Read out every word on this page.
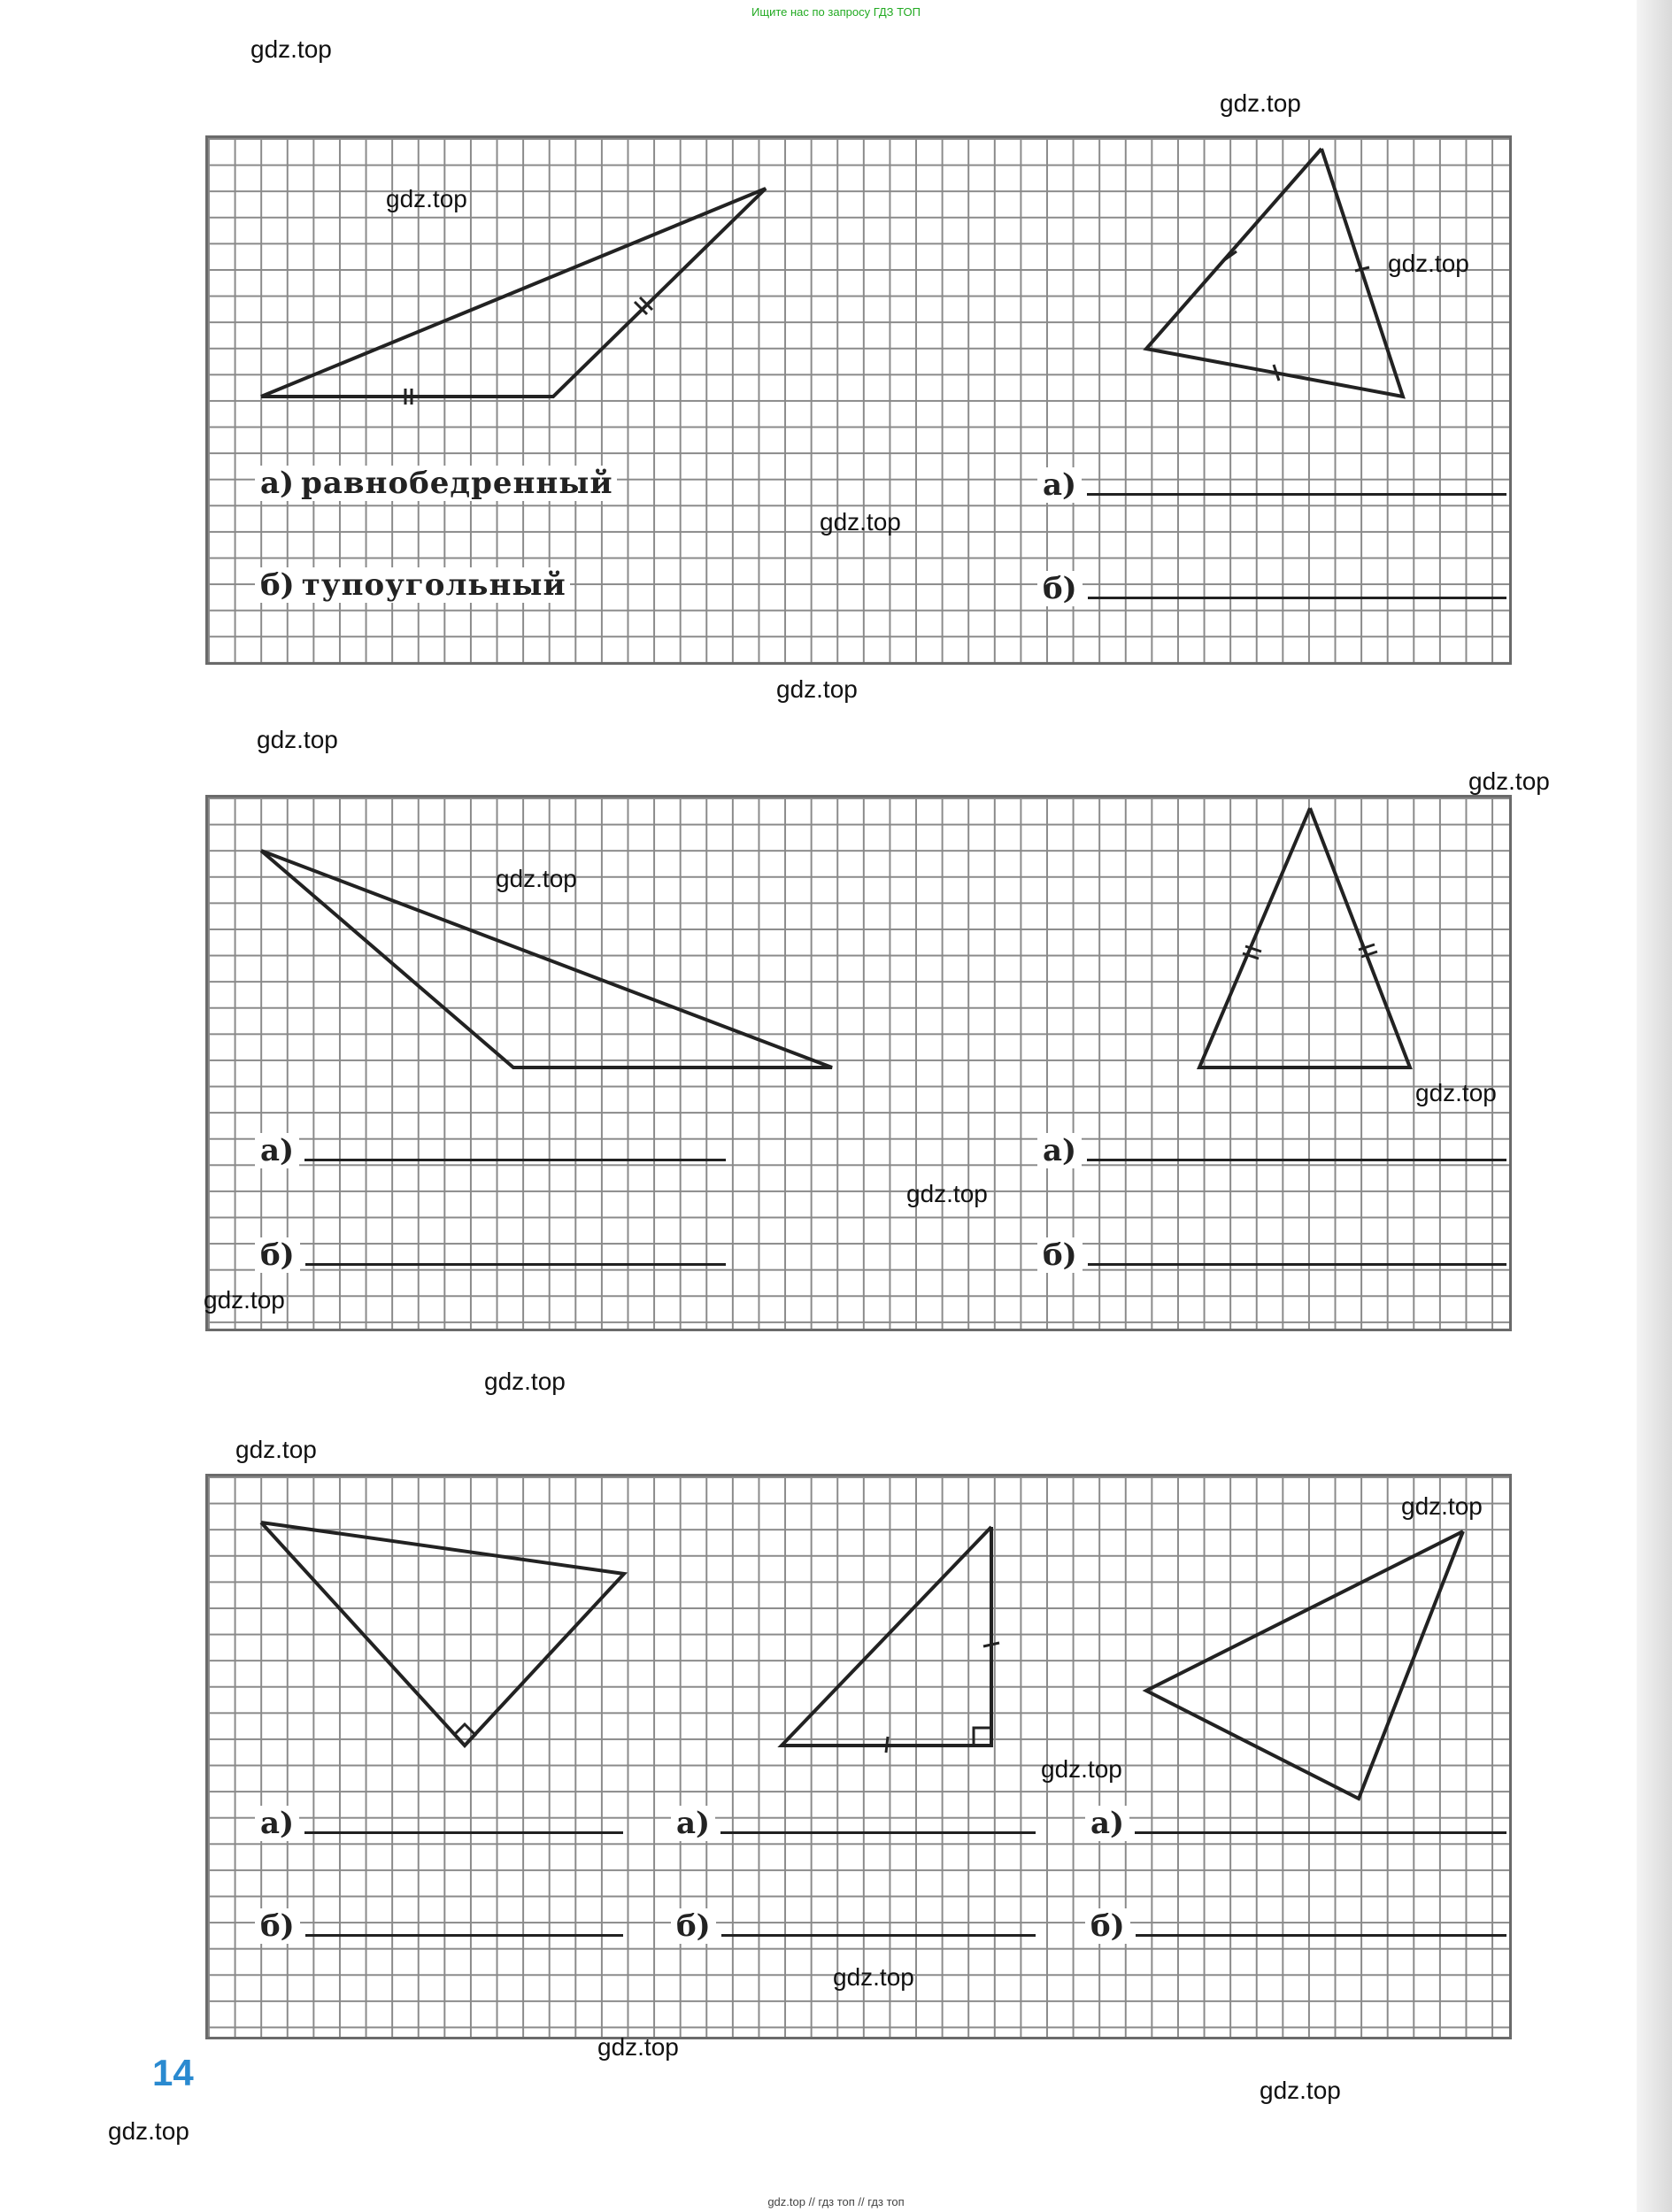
Ищите нас по запросу ГДЗ ТОП
а) равнобедренный
б) тупоугольный
а)
б)
а)
б)
а)
б)
а)
б)
а)
б)
а)
б)
gdz.top
gdz.top
gdz.top
gdz.top
gdz.top
gdz.top
gdz.top
gdz.top
gdz.top
gdz.top
gdz.top
gdz.top
gdz.top
gdz.top
gdz.top
gdz.top
gdz.top
gdz.top
gdz.top
gdz.top
14
gdz.top // гдз топ // гдз топ
